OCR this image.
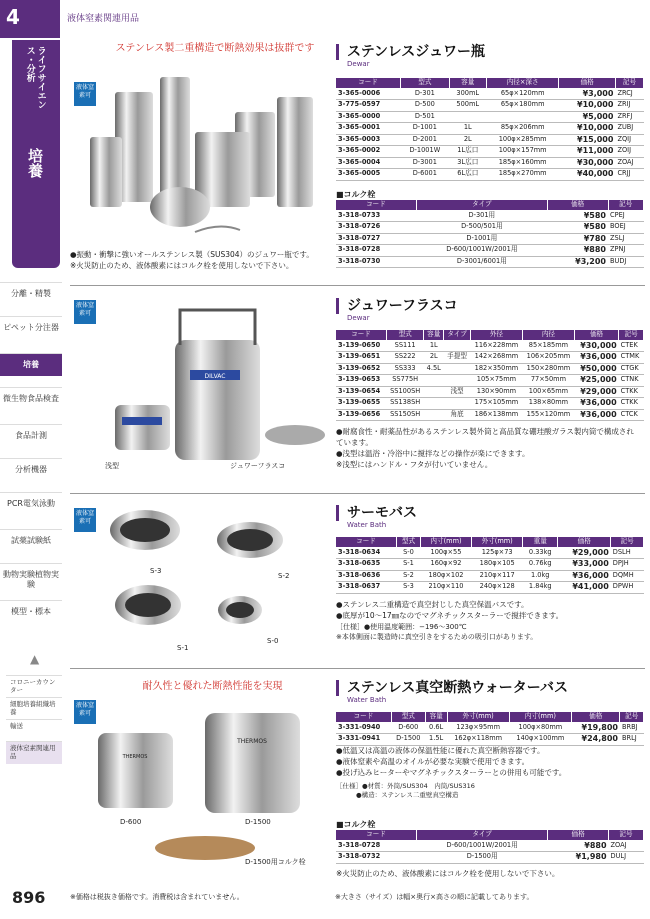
4
ライフサイエンス・分析
培養
分離・精製
ピペット分注器
培養
微生物食品検査
食品計測
分析機器
PCR電気泳動
試薬試験紙
動物実験植物実験
模型・標本
▲
コロニーカウンター
細胞培養組織培養
輸送
液体窒素関連用品
液体窒素関連用品
液体窒素可
ステンレス製二重構造で断熱効果は抜群です	ステンレスジュワー瓶
Dewar
コード	型式	容量	内径×深さ	価格	記号
3-365-0006	D-301	300mL	65φ×120mm	¥3,000	ZRCJ
3-775-0597	D-500	500mL	65φ×180mm	¥10,000	ZRIJ
3-365-0000	D-501			¥5,000	ZRFJ
3-365-0001	D-1001	1L	85φ×206mm	¥10,000	ZUBJ
3-365-0003	D-2001	2L	100φ×285mm	¥15,000	ZQIJ
3-365-0002	D-1001W	1L広口	100φ×157mm	¥11,000	ZOIJ
3-365-0004	D-3001	3L広口	185φ×160mm	¥30,000	ZOAJ
3-365-0005	D-6001	6L広口	185φ×270mm	¥40,000	CRJJ
■コルク栓
コード	タイプ	価格	記号
3-318-0733	D-301用	¥580	CPEJ
3-318-0726	D-500/501用	¥580	BOEJ
3-318-0727	D-1001用	¥780	ZSLJ
3-318-0728	D-600/1001W/2001用	¥880	ZPNJ
3-318-0730	D-3001/6001用	¥3,200	BUDJ
●振動・衝撃に強いオールステンレス製（SUS304）のジュワー瓶です。
※火災防止のため、液体酸素にはコルク栓を使用しないで下さい。
液体窒素可
DILVAC
浅型	ジュワーフラスコ
ジュワーフラスコ
Dewar
コード	型式	容量	タイプ	外径	内径	価格	記号
3-139-0650	SS111	1L		116×228mm	85×185mm	¥30,000	CTEK
3-139-0651	SS222	2L	手提型	142×268mm	106×205mm	¥36,000	CTMK
3-139-0652	SS333	4.5L		182×350mm	150×280mm	¥50,000	CTGK
3-139-0653	SS775H			105×75mm	77×50mm	¥25,000	CTNK
3-139-0654	SS100SH		浅型	130×90mm	100×65mm	¥29,000	CTKK
3-139-0655	SS138SH			175×105mm	138×80mm	¥36,000	CTKK
3-139-0656	SS150SH		角底	186×138mm	155×120mm	¥36,000	CTCK
●耐腐食性・耐薬品性があるステンレス製外筒と高品質な硼珪酸ガラス製内筒で構成されています。
●浅型は温浴・冷浴中に撹拌などの操作が楽にできます。
※浅型にはハンドル・フタが付いていません。
液体窒素可
S-3
S-2
S-1
S-0
サーモバス
Water Bath
コード	型式	内寸(mm)	外寸(mm)	重量	価格	記号
3-318-0634	S-0	100φ×55	125φ×73	0.33kg	¥29,000	DSLH
3-318-0635	S-1	160φ×92	180φ×105	0.76kg	¥33,000	DPJH
3-318-0636	S-2	180φ×102	210φ×117	1.0kg	¥36,000	DQMH
3-318-0637	S-3	210φ×110	240φ×128	1.84kg	¥41,000	DPWH
●ステンレス二重構造で真空封じした真空保温バスです。
●底厚が10〜17㎜なのでマグネチックスターラーで撹拌できます。
［仕様］●使用温度範囲：−196〜300℃
※本体側面に製造時に真空引きをするための吸引口があります。
液体窒素可
耐久性と優れた断熱性能を実現
THERMOS
THERMOS
D-600	D-1500
D-1500用コルク栓
ステンレス真空断熱ウォーターバス
Water Bath
コード	型式	容量	外寸(mm)	内寸(mm)	価格	記号
3-331-0940	D-600	0.6L	123φ×95mm	100φ×80mm	¥19,800	BRBJ
3-331-0941	D-1500	1.5L	162φ×118mm	140φ×100mm	¥24,800	BRLJ
●低温又は高温の液体の保温性能に優れた真空断熱容器です。
●液体窒素や高温のオイルが必要な実験で使用できます。
●投げ込みヒーターやマグネチックスターラーとの併用も可能です。
［仕様］●材質：外筒/SUS304　内筒/SUS316
●構造：ステンレス二重壁真空構造
■コルク栓
コード	タイプ	価格	記号
3-318-0728	D-600/1001W/2001用	¥880	ZOAJ
3-318-0732	D-1500用	¥1,980	DULJ
※火災防止のため、液体酸素にはコルク栓を使用しないで下さい。
896	※価格は税抜き価格です。消費税は含まれていません。	※大きさ（サイズ）は幅×奥行×高さの順に記載してあります。
